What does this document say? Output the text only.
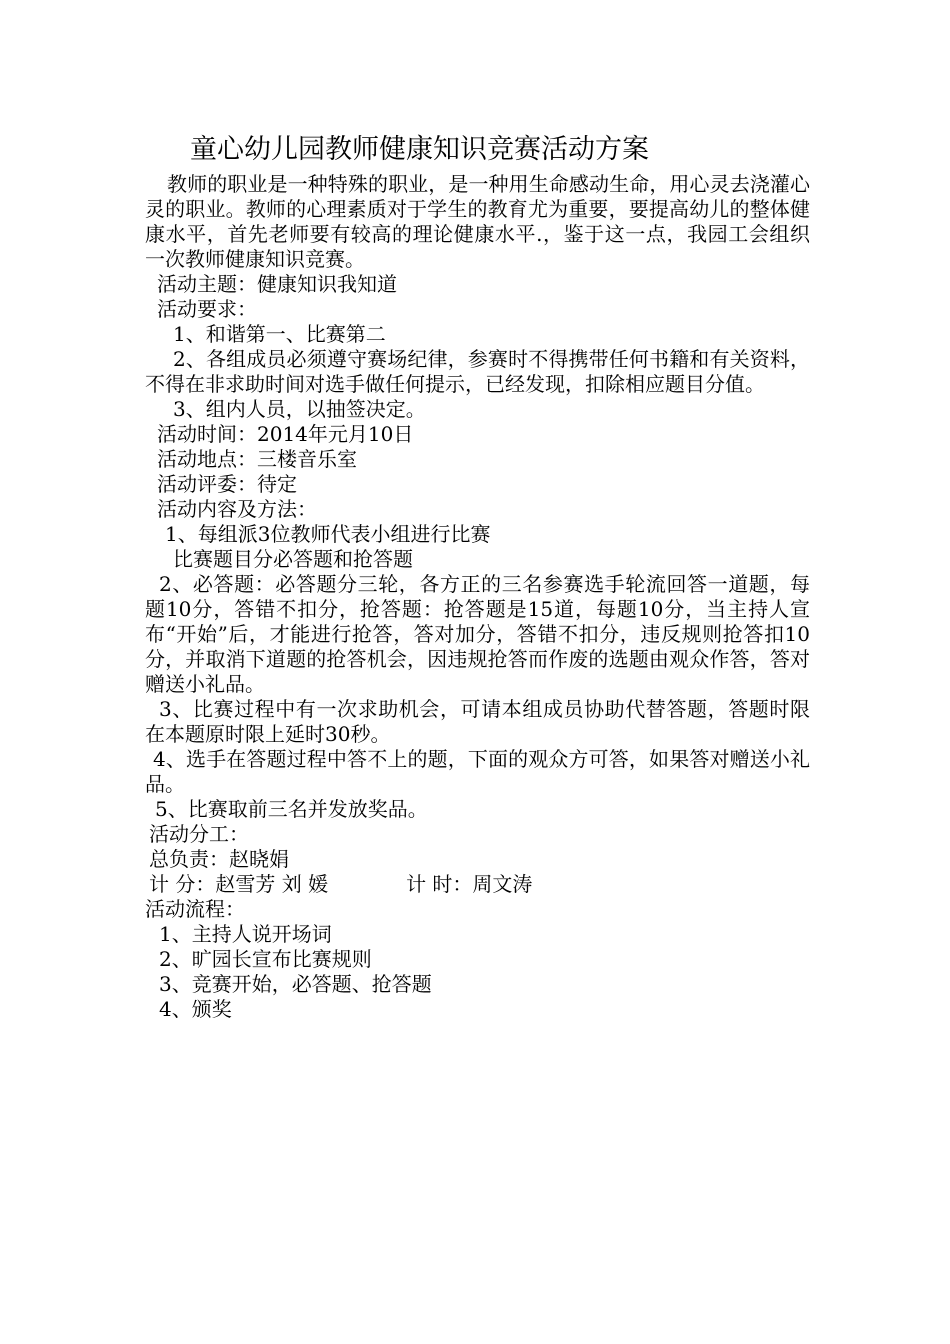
童心幼儿园教师健康知识竞赛活动方案

教师的职业是一种特殊的职业，是一种用生命感动生命，用心灵去浇灌心灵的职业。教师的心理素质对于学生的教育尤为重要，要提高幼儿的整体健康水平，首先老师要有较高的理论健康水平.，鉴于这一点，我园工会组织一次教师健康知识竞赛。

活动主题：健康知识我知道

活动要求：

1、和谐第一、比赛第二

2、各组成员必须遵守赛场纪律，参赛时不得携带任何书籍和有关资料，不得在非求助时间对选手做任何提示，已经发现，扣除相应题目分值。

3、组内人员，以抽签决定。

活动时间：2014年元月10日

活动地点：三楼音乐室

活动评委：待定

活动内容及方法：

1、每组派3位教师代表小组进行比赛

比赛题目分必答题和抢答题

2、必答题：必答题分三轮，各方正的三名参赛选手轮流回答一道题，每题10分，答错不扣分，抢答题：抢答题是15道，每题10分，当主持人宣布“开始”后，才能进行抢答，答对加分，答错不扣分，违反规则抢答扣10分，并取消下道题的抢答机会，因违规抢答而作废的选题由观众作答，答对赠送小礼品。

3、比赛过程中有一次求助机会，可请本组成员协助代替答题，答题时限在本题原时限上延时30秒。

4、选手在答题过程中答不上的题，下面的观众方可答，如果答对赠送小礼品。

5、比赛取前三名并发放奖品。

活动分工：

总负责：赵晓娟

计 分：赵雪芳 刘 媛	计 时：周文涛

活动流程：

1、主持人说开场词

2、旷园长宣布比赛规则

3、竞赛开始，必答题、抢答题

4、颁奖
